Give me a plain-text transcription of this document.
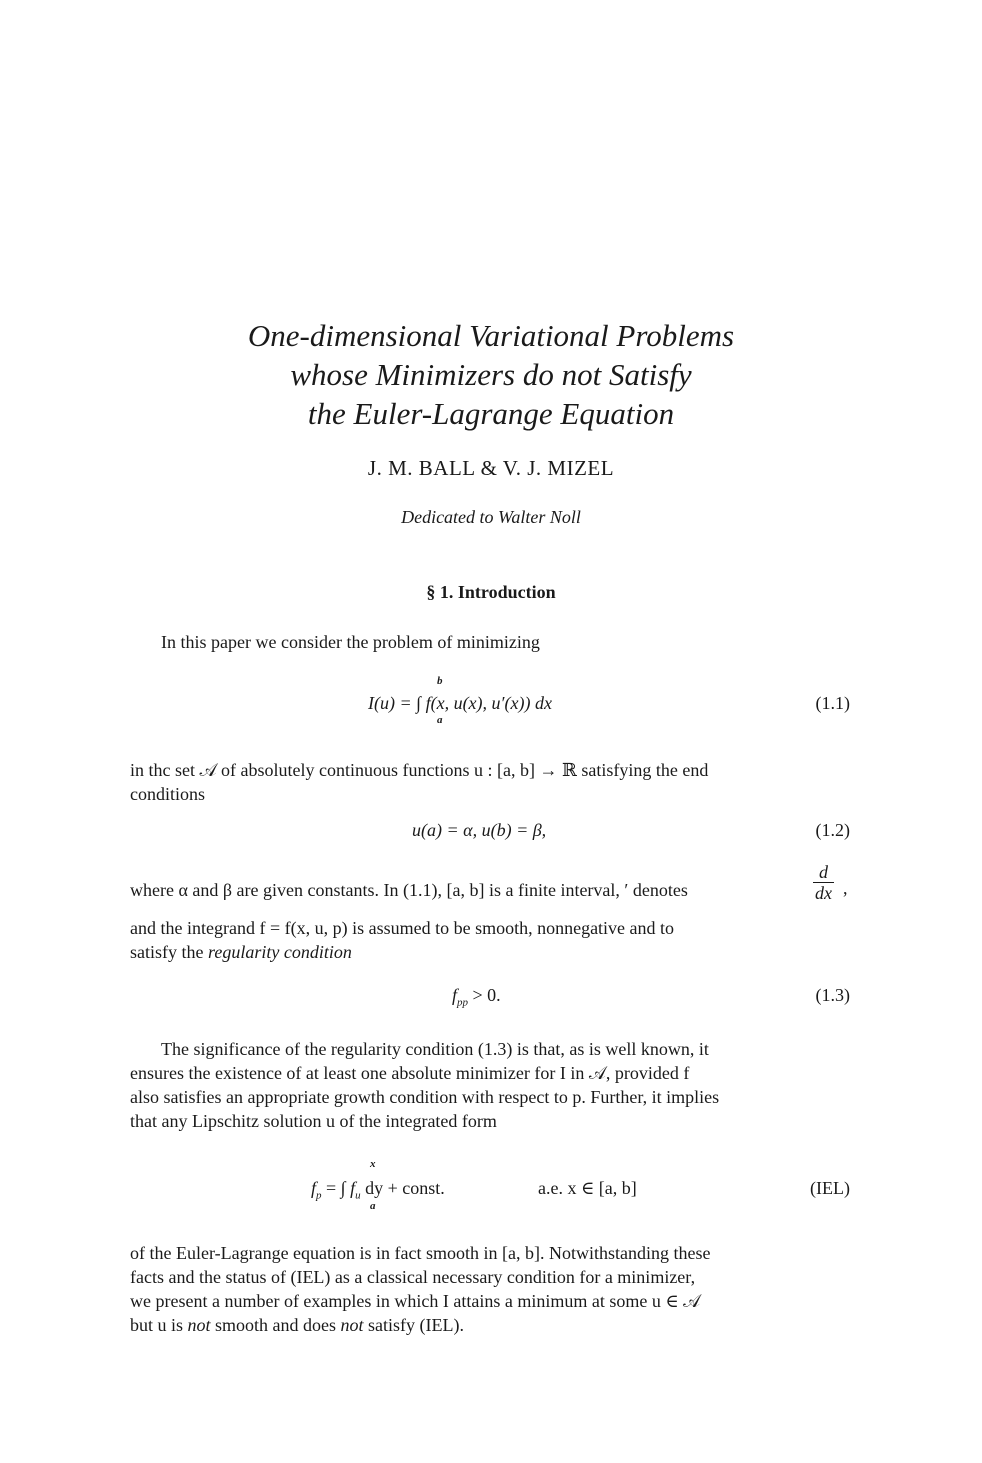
One-dimensional Variational Problems
whose Minimizers do not Satisfy
the Euler-Lagrange Equation
J. M. BALL & V. J. MIZEL
Dedicated to Walter Noll
§ 1. Introduction
In this paper we consider the problem of minimizing
b
I(u) = ∫ f(x, u(x), u′(x)) dx
a
(1.1)
in thc set 𝒜 of absolutely continuous functions u : [a, b] → ℝ satisfying the end
conditions
u(a) = α, u(b) = β,	(1.2)
where α and β are given constants. In (1.1), [a, b] is a finite interval, ′ denotes	$\frac{d}{dx}$ ,
and the integrand f = f(x, u, p) is assumed to be smooth, nonnegative and to
satisfy the regularity condition
$f_{pp} > 0$.	(1.3)
The significance of the regularity condition (1.3) is that, as is well known, it
ensures the existence of at least one absolute minimizer for I in 𝒜, provided f
also satisfies an appropriate growth condition with respect to p. Further, it implies
that any Lipschitz solution u of the integrated form
x
$f_p$ = ∫ $f_u$ dy + const.	a.e. x ∈ [a, b]
a
(IEL)
of the Euler-Lagrange equation is in fact smooth in [a, b]. Notwithstanding these
facts and the status of (IEL) as a classical necessary condition for a minimizer,
we present a number of examples in which I attains a minimum at some u ∈ 𝒜
but u is not smooth and does not satisfy (IEL).
